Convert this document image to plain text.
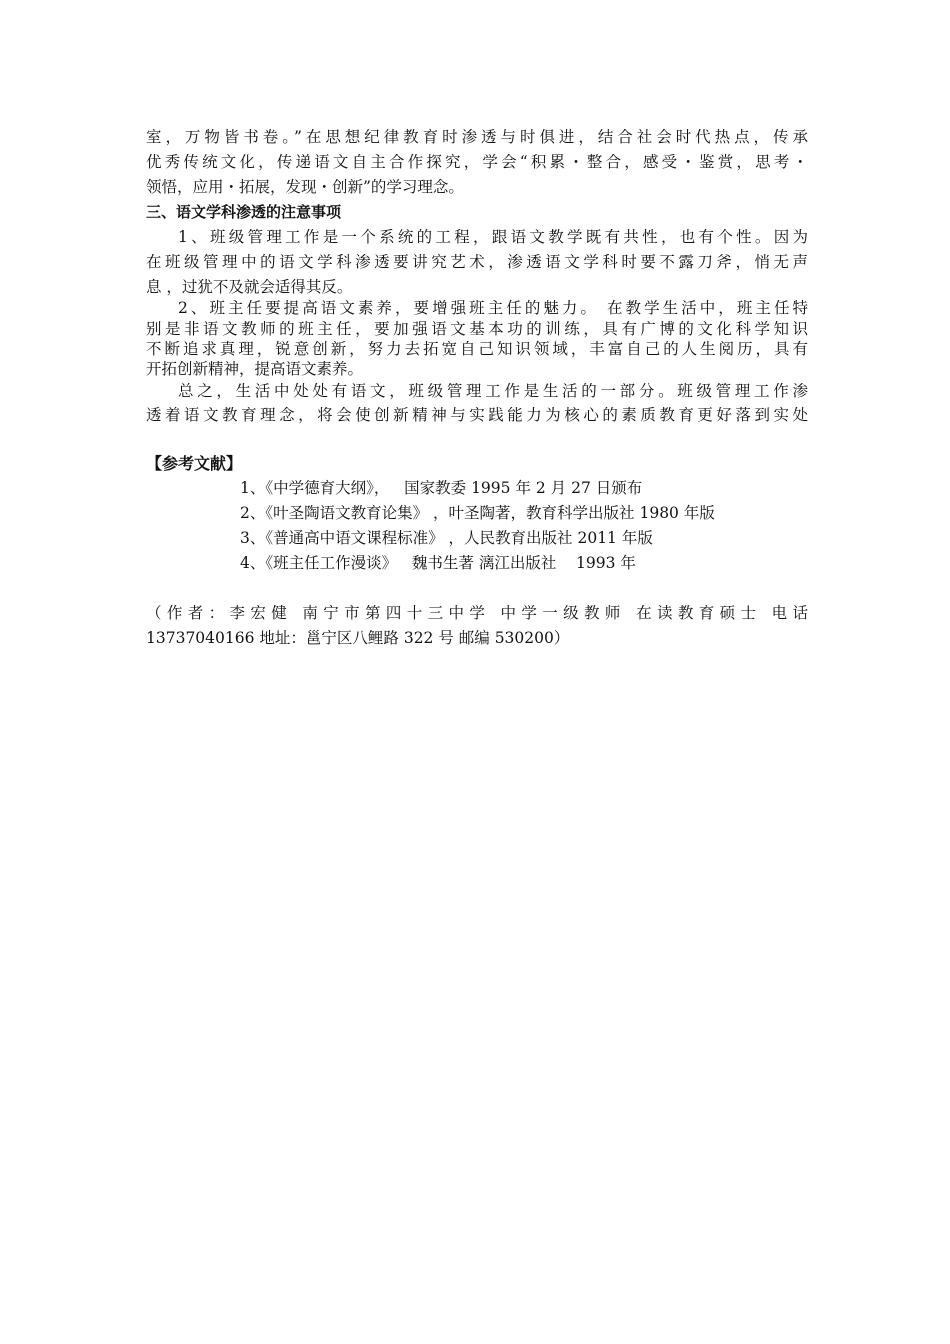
室，万物皆书卷。”在思想纪律教育时渗透与时俱进，结合社会时代热点，传承
优秀传统文化，传递语文自主合作探究，学会“积累・整合，感受・鉴赏，思考・
领悟，应用・拓展，发现・创新”的学习理念。
三、语文学科渗透的注意事项
1、班级管理工作是一个系统的工程，跟语文教学既有共性，也有个性。因为
在班级管理中的语文学科渗透要讲究艺术，渗透语文学科时要不露刀斧，悄无声
息 ，过犹不及就会适得其反。
2、班主任要提高语文素养，要增强班主任的魅力。 在教学生活中，班主任特
别是非语文教师的班主任，要加强语文基本功的训练，具有广博的文化科学知识
不断追求真理，锐意创新，努力去拓宽自己知识领域，丰富自己的人生阅历，具有
开拓创新精神，提高语文素养。
总之，生活中处处有语文，班级管理工作是生活的一部分。班级管理工作渗
透着语文教育理念，将会使创新精神与实践能力为核心的素质教育更好落到实处
【参考文献】
1、《中学德育大纲》，   国家教委 1995 年 2 月 27 日颁布
2、《叶圣陶语文教育论集》 ，叶圣陶著，教育科学出版社 1980 年版
3、《普通高中语文课程标准》 ，人民教育出版社 2011 年版
4、《班主任工作漫谈》   魏书生著 漓江出版社    1993 年
（作者：李宏健 南宁市第四十三中学 中学一级教师 在读教育硕士 电话
13737040166 地址：邕宁区八鲤路 322 号 邮编 530200）
